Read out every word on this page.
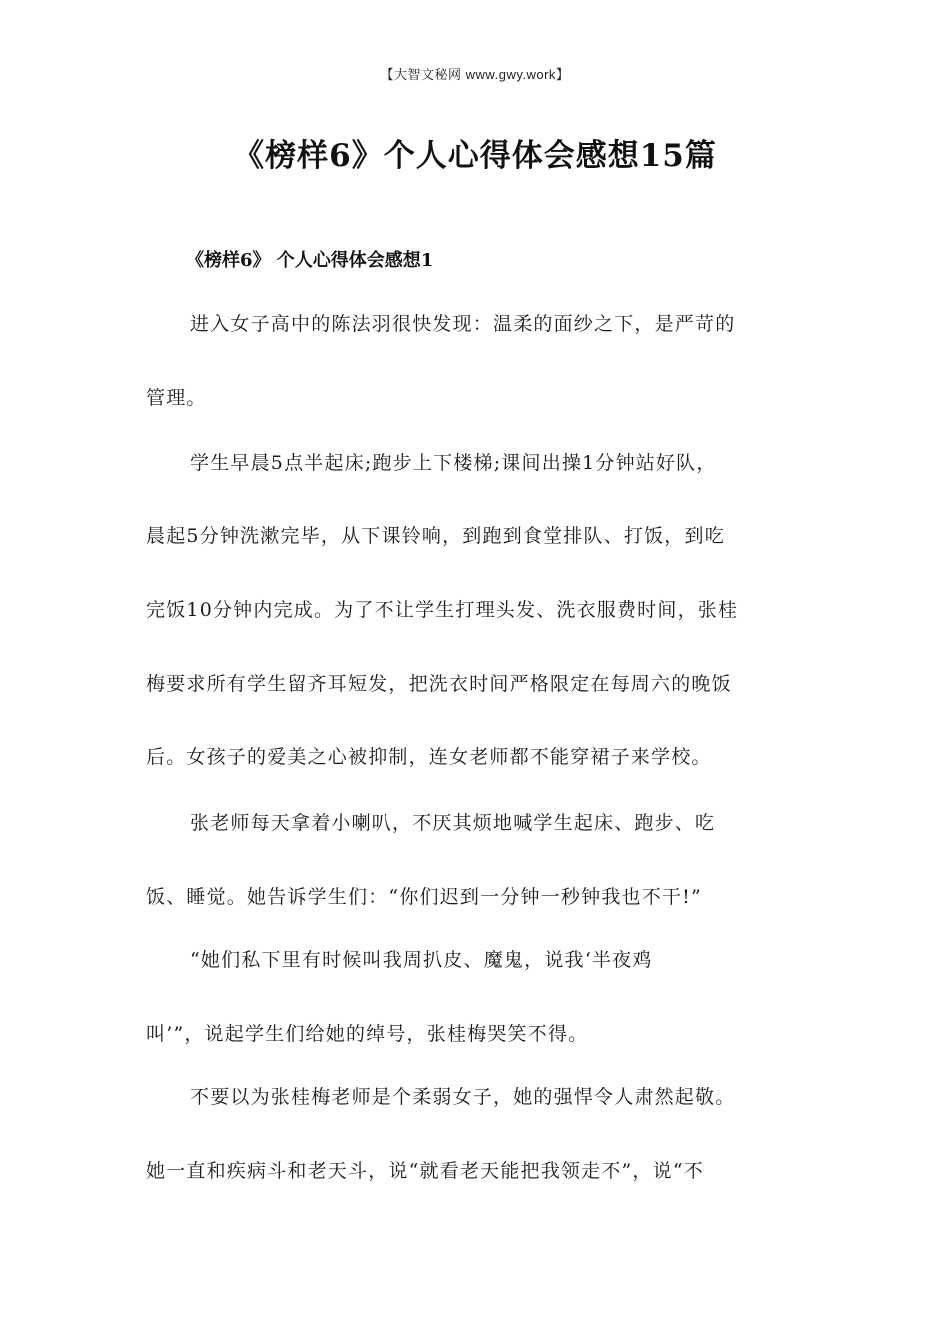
【大智文秘网 www.gwy.work】
《榜样6》个人心得体会感想15篇
《榜样6》 个人心得体会感想1
进入女子高中的陈法羽很快发现：温柔的面纱之下，是严苛的
管理。
学生早晨5点半起床;跑步上下楼梯;课间出操1分钟站好队，
晨起5分钟洗漱完毕，从下课铃响，到跑到食堂排队、打饭，到吃
完饭10分钟内完成。为了不让学生打理头发、洗衣服费时间，张桂
梅要求所有学生留齐耳短发，把洗衣时间严格限定在每周六的晚饭
后。女孩子的爱美之心被抑制，连女老师都不能穿裙子来学校。
张老师每天拿着小喇叭，不厌其烦地喊学生起床、跑步、吃
饭、睡觉。她告诉学生们：“你们迟到一分钟一秒钟我也不干!”
“她们私下里有时候叫我周扒皮、魔鬼，说我‘半夜鸡
叫’”，说起学生们给她的绰号，张桂梅哭笑不得。
不要以为张桂梅老师是个柔弱女子，她的强悍令人肃然起敬。
她一直和疾病斗和老天斗，说“就看老天能把我领走不”，说“不
